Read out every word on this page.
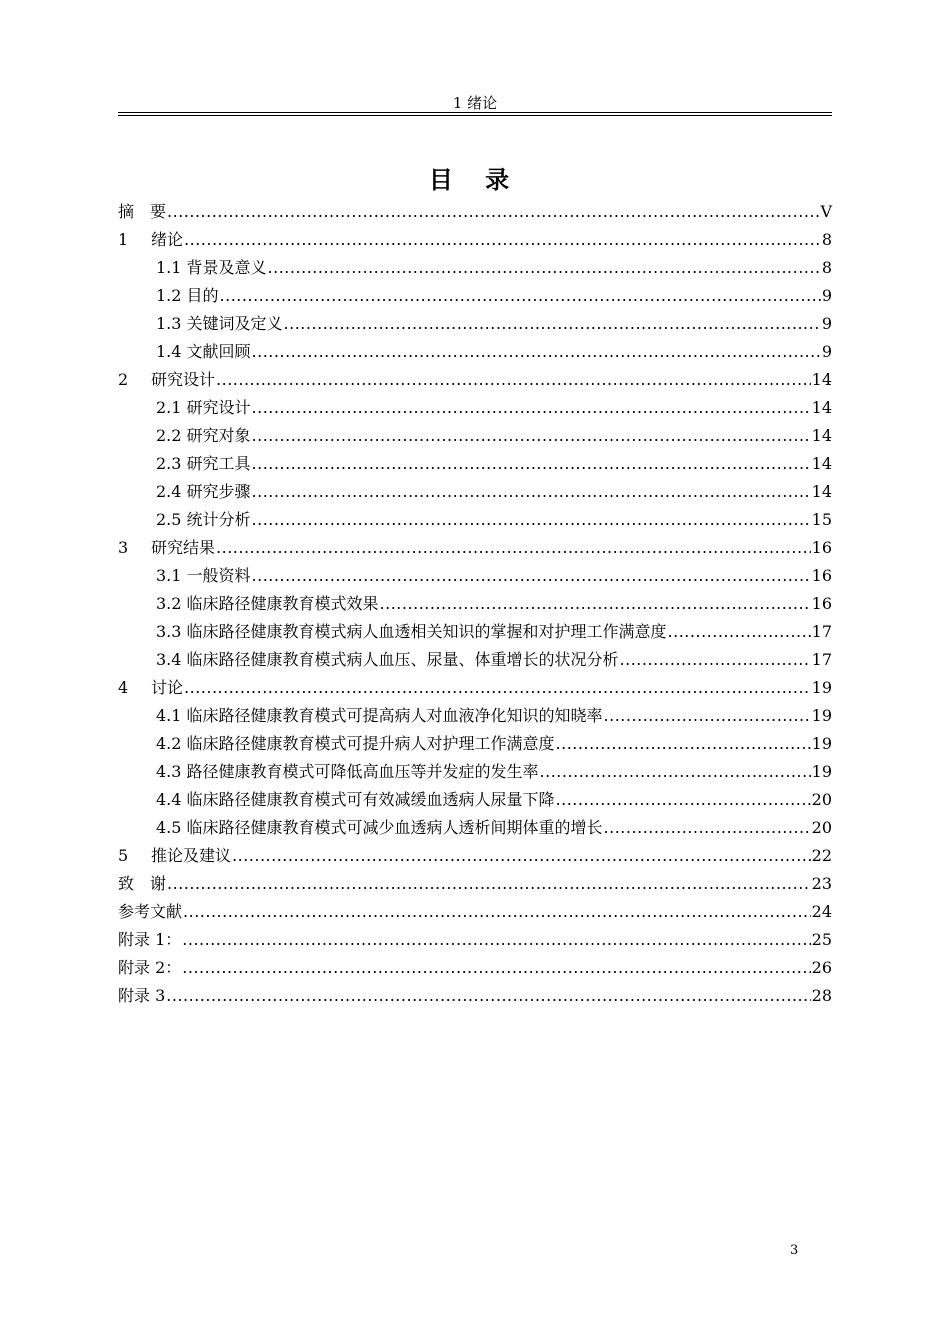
1 绪论
目 录
摘　要 .....	V
1 绪论 .....	8
1.1 背景及意义 .....	8
1.2 目的 .....	9
1.3 关键词及定义 .....	9
1.4 文献回顾 .....	9
2 研究设计 .....	14
2.1 研究设计 .....	14
2.2 研究对象 .....	14
2.3 研究工具 .....	14
2.4 研究步骤 .....	14
2.5 统计分析 .....	15
3 研究结果 .....	16
3.1 一般资料 .....	16
3.2 临床路径健康教育模式效果 .....	16
3.3 临床路径健康教育模式病人血透相关知识的掌握和对护理工作满意度 .....	17
3.4 临床路径健康教育模式病人血压、尿量、体重增长的状况分析 .....	17
4 讨论 .....	19
4.1 临床路径健康教育模式可提高病人对血液净化知识的知晓率 .....	19
4.2 临床路径健康教育模式可提升病人对护理工作满意度 .....	19
4.3 路径健康教育模式可降低高血压等并发症的发生率 .....	19
4.4 临床路径健康教育模式可有效减缓血透病人尿量下降 .....	20
4.5 临床路径健康教育模式可减少血透病人透析间期体重的增长 .....	20
5 推论及建议 .....	22
致　谢 .....	23
参考文献 .....	24
附录 1： .....	25
附录 2： .....	26
附录 3 .....	28
3
